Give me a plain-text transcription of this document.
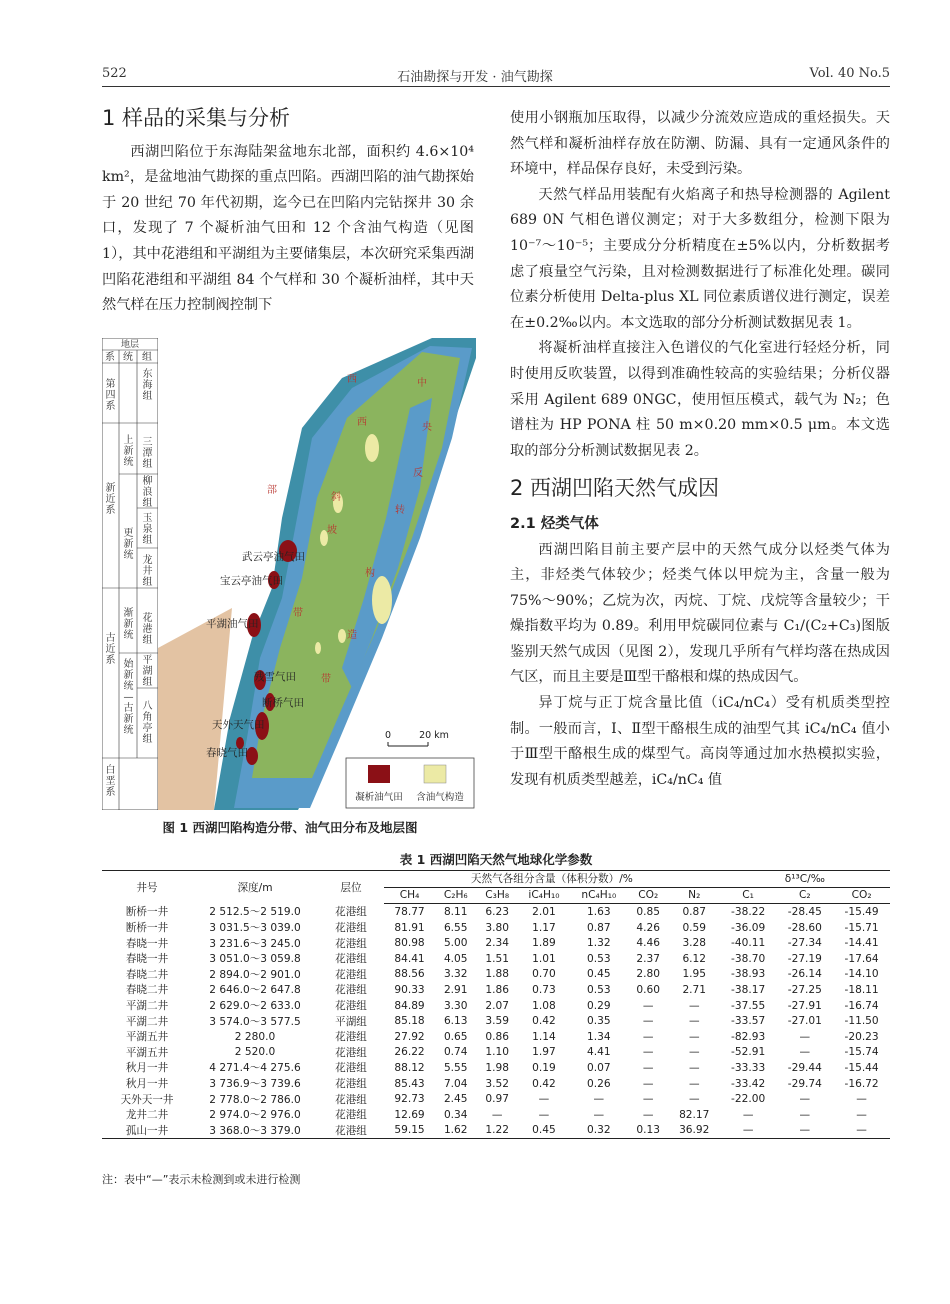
522	石油勘探与开发 · 油气勘探	Vol. 40 No.5
1 样品的采集与分析

西湖凹陷位于东海陆架盆地东北部，面积约 4.6×10⁴ km²，是盆地油气勘探的重点凹陷。西湖凹陷的油气勘探始于 20 世纪 70 年代初期，迄今已在凹陷内完钻探井 30 余口，发现了 7 个凝析油气田和 12 个含油气构造（见图 1），其中花港组和平湖组为主要储集层，本次研究采集西湖凹陷花港组和平湖组 84 个气样和 30 个凝析油样，其中天然气样在压力控制阀控制下

地层
系 统 组
第四系
新近系
古近系
白垩系
上新统
更新统
渐新统
始新统—古新统
东海组
三潭组
柳浪组
玉泉组
龙井组
花港组
平湖组
八角亭组
西	中
西	央
部
反
斜
转
坡
构
带
造
带
武云亭油气田
宝云亭油气田
平湖油气田
残雪气田
断桥气田
天外天气田
春晓气田
0	20 km
凝析油气田 含油气构造
图 1 西湖凹陷构造分带、油气田分布及地层图

使用小钢瓶加压取得，以减少分流效应造成的重烃损失。天然气样和凝析油样存放在防潮、防漏、具有一定通风条件的环境中，样品保存良好，未受到污染。

天然气样品用装配有火焰离子和热导检测器的 Agilent 689 0N 气相色谱仪测定；对于大多数组分，检测下限为 10⁻⁷～10⁻⁵；主要成分分析精度在±5%以内，分析数据考虑了痕量空气污染，且对检测数据进行了标准化处理。碳同位素分析使用 Delta-plus XL 同位素质谱仪进行测定，误差在±0.2‰以内。本文选取的部分分析测试数据见表 1。

将凝析油样直接注入色谱仪的气化室进行轻烃分析，同时使用反吹装置，以得到准确性较高的实验结果；分析仪器采用 Agilent 689 0NGC，使用恒压模式，载气为 N₂；色谱柱为 HP PONA 柱 50 m×0.20 mm×0.5 μm。本文选取的部分分析测试数据见表 2。

2 西湖凹陷天然气成因
2.1 烃类气体

西湖凹陷目前主要产层中的天然气成分以烃类气体为主，非烃类气体较少；烃类气体以甲烷为主，含量一般为 75%～90%；乙烷为次，丙烷、丁烷、戊烷等含量较少；干燥指数平均为 0.89。利用甲烷碳同位素与 C₁/(C₂+C₃)图版鉴别天然气成因（见图 2），发现几乎所有气样均落在热成因气区，而且主要是Ⅲ型干酪根和煤的热成因气。

异丁烷与正丁烷含量比值（iC₄/nC₄）受有机质类型控制。一般而言，Ⅰ、Ⅱ型干酪根生成的油型气其 iC₄/nC₄ 值小于Ⅲ型干酪根生成的煤型气。高岗等通过加水热模拟实验，发现有机质类型越差，iC₄/nC₄ 值

表 1 西湖凹陷天然气地球化学参数
井号	深度/m	层位	天然气各组分含量（体积分数）/%							δ¹³C/‰		
			CH₄	C₂H₆	C₃H₈	iC₄H₁₀	nC₄H₁₀	CO₂	N₂	C₁	C₂	CO₂
断桥一井	2 512.5～2 519.0	花港组	78.77	8.11	6.23	2.01	1.63	0.85	0.87	-38.22	-28.45	-15.49
断桥一井	3 031.5～3 039.0	花港组	81.91	6.55	3.80	1.17	0.87	4.26	0.59	-36.09	-28.60	-15.71
春晓一井	3 231.6～3 245.0	花港组	80.98	5.00	2.34	1.89	1.32	4.46	3.28	-40.11	-27.34	-14.41
春晓一井	3 051.0～3 059.8	花港组	84.41	4.05	1.51	1.01	0.53	2.37	6.12	-38.70	-27.19	-17.64
春晓二井	2 894.0～2 901.0	花港组	88.56	3.32	1.88	0.70	0.45	2.80	1.95	-38.93	-26.14	-14.10
春晓二井	2 646.0～2 647.8	花港组	90.33	2.91	1.86	0.73	0.53	0.60	2.71	-38.17	-27.25	-18.11
平湖二井	2 629.0～2 633.0	花港组	84.89	3.30	2.07	1.08	0.29	—	—	-37.55	-27.91	-16.74
平湖二井	3 574.0～3 577.5	平湖组	85.18	6.13	3.59	0.42	0.35	—	—	-33.57	-27.01	-11.50
平湖五井	2 280.0	花港组	27.92	0.65	0.86	1.14	1.34	—	—	-82.93	—	-20.23
平湖五井	2 520.0	花港组	26.22	0.74	1.10	1.97	4.41	—	—	-52.91	—	-15.74
秋月一井	4 271.4～4 275.6	花港组	88.12	5.55	1.98	0.19	0.07	—	—	-33.33	-29.44	-15.44
秋月一井	3 736.9～3 739.6	花港组	85.43	7.04	3.52	0.42	0.26	—	—	-33.42	-29.74	-16.72
天外天一井	2 778.0～2 786.0	花港组	92.73	2.45	0.97	—	—	—	—	-22.00	—	—
龙井二井	2 974.0～2 976.0	花港组	12.69	0.34	—	—	—	—	82.17	—	—	—
孤山一井	3 368.0～3 379.0	花港组	59.15	1.62	1.22	0.45	0.32	0.13	36.92	—	—	—
注：表中“—”表示未检测到或未进行检测
